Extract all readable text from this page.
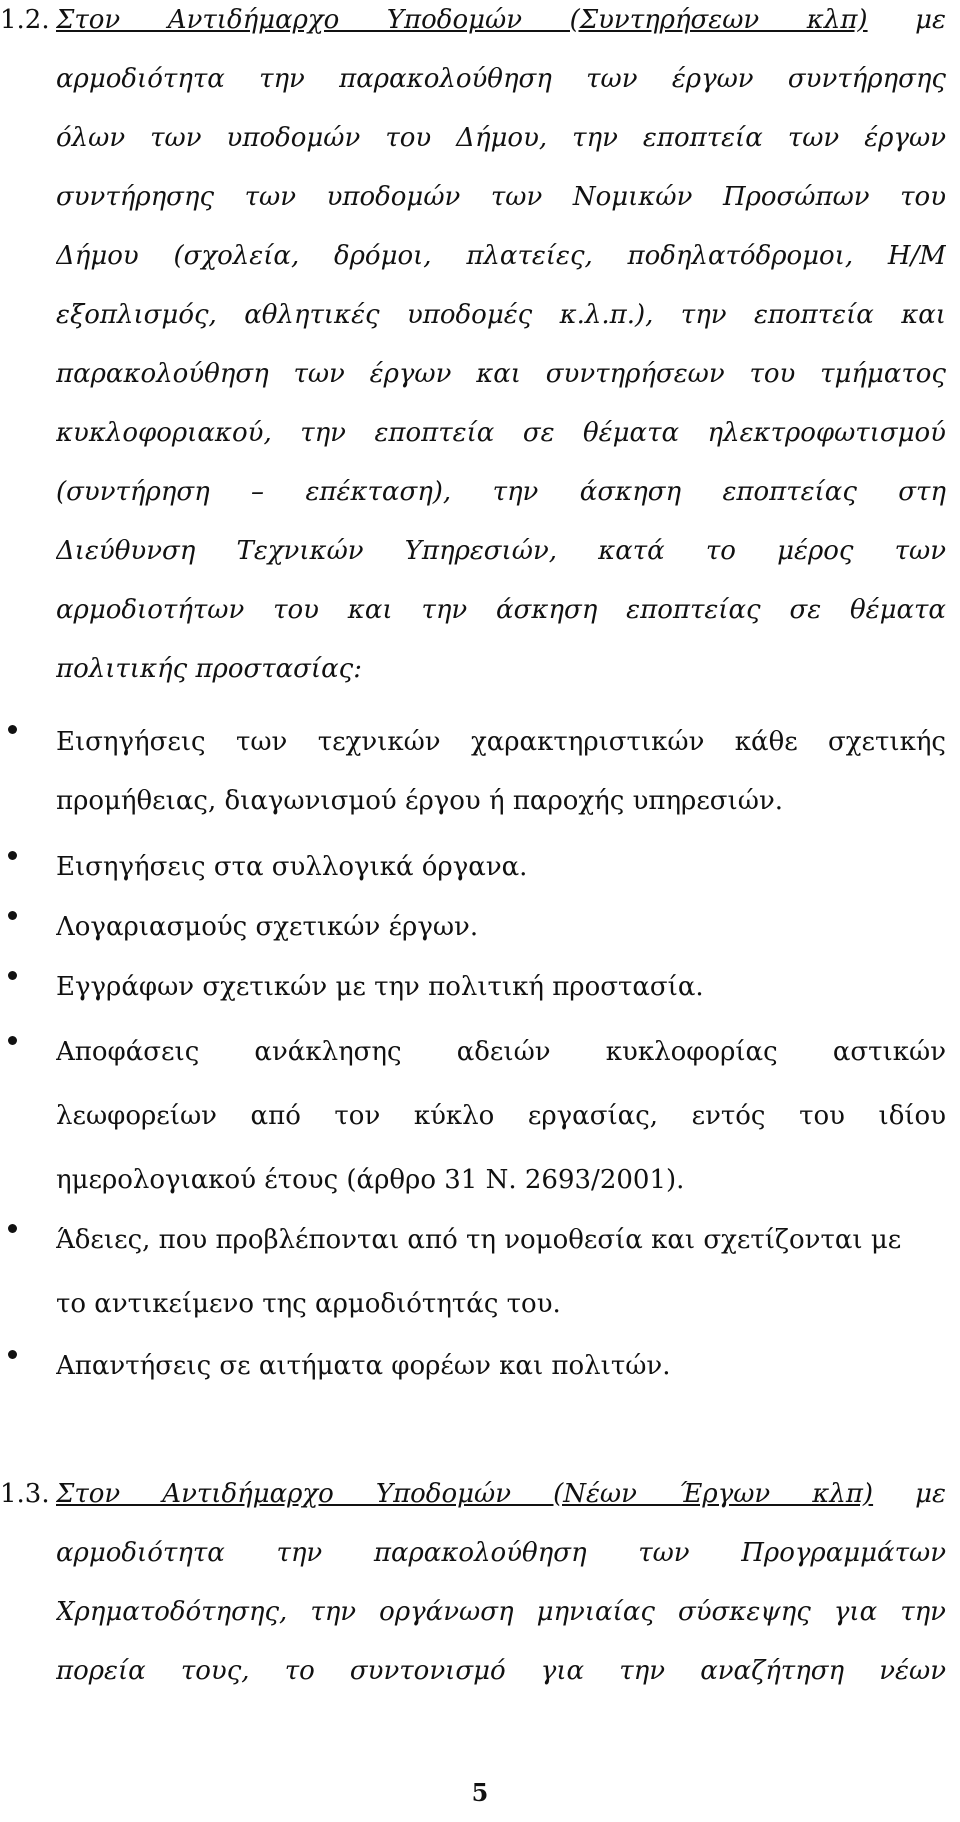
1.2. Στον Αντιδήμαρχο Υποδομών (Συντηρήσεων κλπ) με
αρμοδιότητα την παρακολούθηση των έργων συντήρησης
όλων των υποδομών του Δήμου, την εποπτεία των έργων
συντήρησης των υποδομών των Νομικών Προσώπων του
Δήμου (σχολεία, δρόμοι, πλατείες, ποδηλατόδρομοι, Η/Μ
εξοπλισμός, αθλητικές υποδομές κ.λ.π.), την εποπτεία και
παρακολούθηση των έργων και συντηρήσεων του τμήματος
κυκλοφοριακού, την εποπτεία σε θέματα ηλεκτροφωτισμού
(συντήρηση – επέκταση), την άσκηση εποπτείας στη
Διεύθυνση Τεχνικών Υπηρεσιών, κατά το μέρος των
αρμοδιοτήτων του και την άσκηση εποπτείας σε θέματα
πολιτικής προστασίας:
Εισηγήσεις των τεχνικών χαρακτηριστικών κάθε σχετικής
προμήθειας, διαγωνισμού έργου ή παροχής υπηρεσιών.
Εισηγήσεις στα συλλογικά όργανα.
Λογαριασμούς σχετικών έργων.
Εγγράφων σχετικών με την πολιτική προστασία.
Αποφάσεις ανάκλησης αδειών κυκλοφορίας αστικών
λεωφορείων από τον κύκλο εργασίας, εντός του ιδίου
ημερολογιακού έτους (άρθρο 31 Ν. 2693/2001).
Άδειες, που προβλέπονται από τη νομοθεσία και σχετίζονται με
το αντικείμενο της αρμοδιότητάς του.
Απαντήσεις σε αιτήματα φορέων και πολιτών.
1.3. Στον Αντιδήμαρχο Υποδομών (Νέων Έργων κλπ) με
αρμοδιότητα την παρακολούθηση των Προγραμμάτων
Χρηματοδότησης, την οργάνωση μηνιαίας σύσκεψης για την
πορεία τους, το συντονισμό για την αναζήτηση νέων
5
